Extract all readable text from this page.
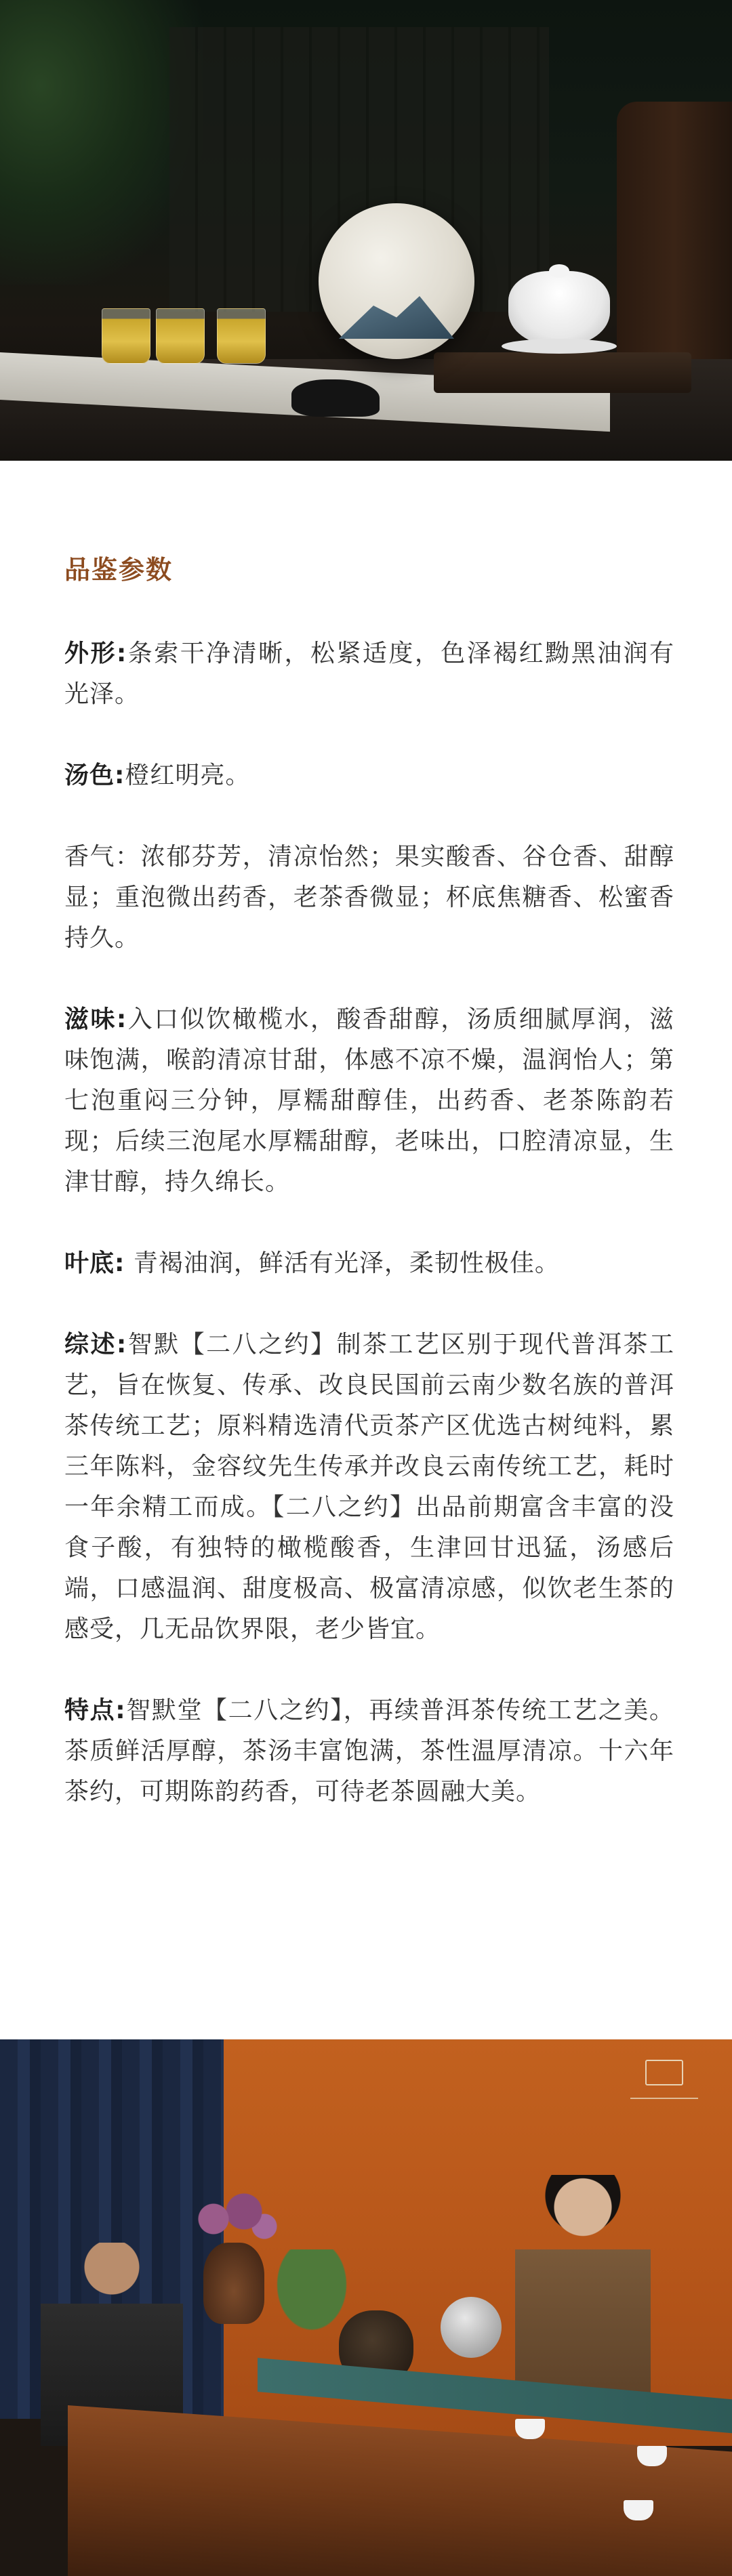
品鉴参数

外形:条索干净清晰，松紧适度，色泽褐红黝黑油润有光泽。

汤色:橙红明亮。

香气：浓郁芬芳，清凉怡然；果实酸香、谷仓香、甜醇显；重泡微出药香，老茶香微显；杯底焦糖香、松蜜香持久。

滋味:入口似饮橄榄水，酸香甜醇，汤质细腻厚润，滋味饱满，喉韵清凉甘甜，体感不凉不燥，温润怡人；第七泡重闷三分钟，厚糯甜醇佳，出药香、老茶陈韵若现；后续三泡尾水厚糯甜醇，老味出，口腔清凉显，生津甘醇，持久绵长。

叶底: 青褐油润，鲜活有光泽，柔韧性极佳。

综述:智默【二八之约】制茶工艺区别于现代普洱茶工艺，旨在恢复、传承、改良民国前云南少数名族的普洱茶传统工艺；原料精选清代贡茶产区优选古树纯料，累三年陈料，金容纹先生传承并改良云南传统工艺，耗时一年余精工而成。【二八之约】出品前期富含丰富的没食子酸，有独特的橄榄酸香，生津回甘迅猛，汤感后端，口感温润、甜度极高、极富清凉感，似饮老生茶的感受，几无品饮界限，老少皆宜。

特点:智默堂【二八之约】，再续普洱茶传统工艺之美。茶质鲜活厚醇，茶汤丰富饱满，茶性温厚清凉。十六年茶约，可期陈韵药香，可待老茶圆融大美。
